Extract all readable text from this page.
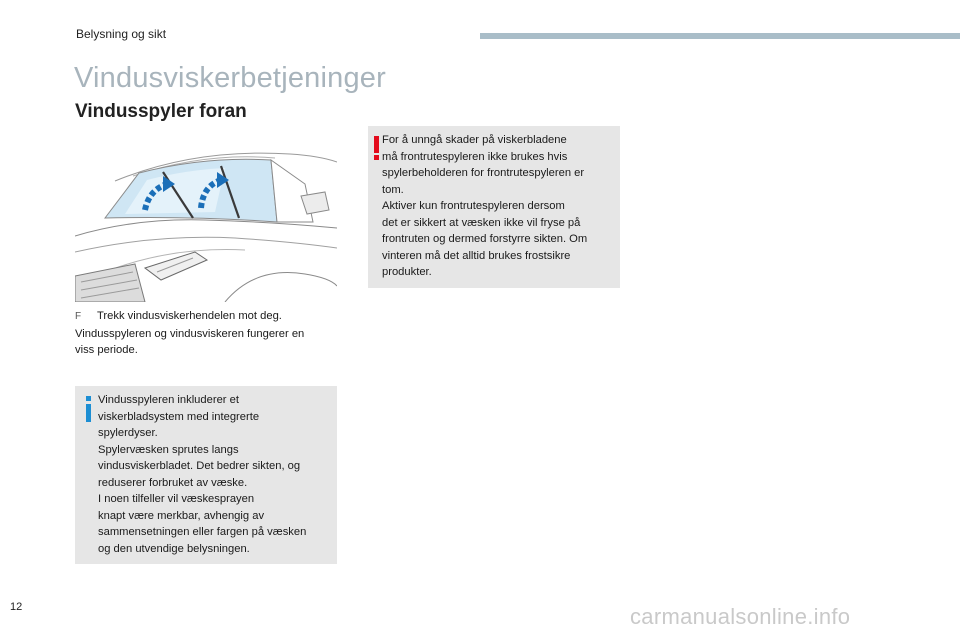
Belysning og sikt
Vindusviskerbetjeninger
Vindusspyler foran
F Trekk vindusviskerhendelen mot deg.
Vindusspyleren og vindusviskeren fungerer en
viss periode.
Vindusspyleren inkluderer et
viskerbladsystem med integrerte
spylerdyser.
Spylervæsken sprutes langs
vindusviskerbladet. Det bedrer sikten, og
reduserer forbruket av væske.
I noen tilfeller vil væskesprayen
knapt være merkbar, avhengig av
sammensetningen eller fargen på væsken
og den utvendige belysningen.
For å unngå skader på viskerbladene
må frontrutespyleren ikke brukes hvis
spylerbeholderen for frontrutespyleren er
tom.
Aktiver kun frontrutespyleren dersom
det er sikkert at væsken ikke vil fryse på
frontruten og dermed forstyrre sikten. Om
vinteren må det alltid brukes frostsikre
produkter.
12	carmanualsonline.info
